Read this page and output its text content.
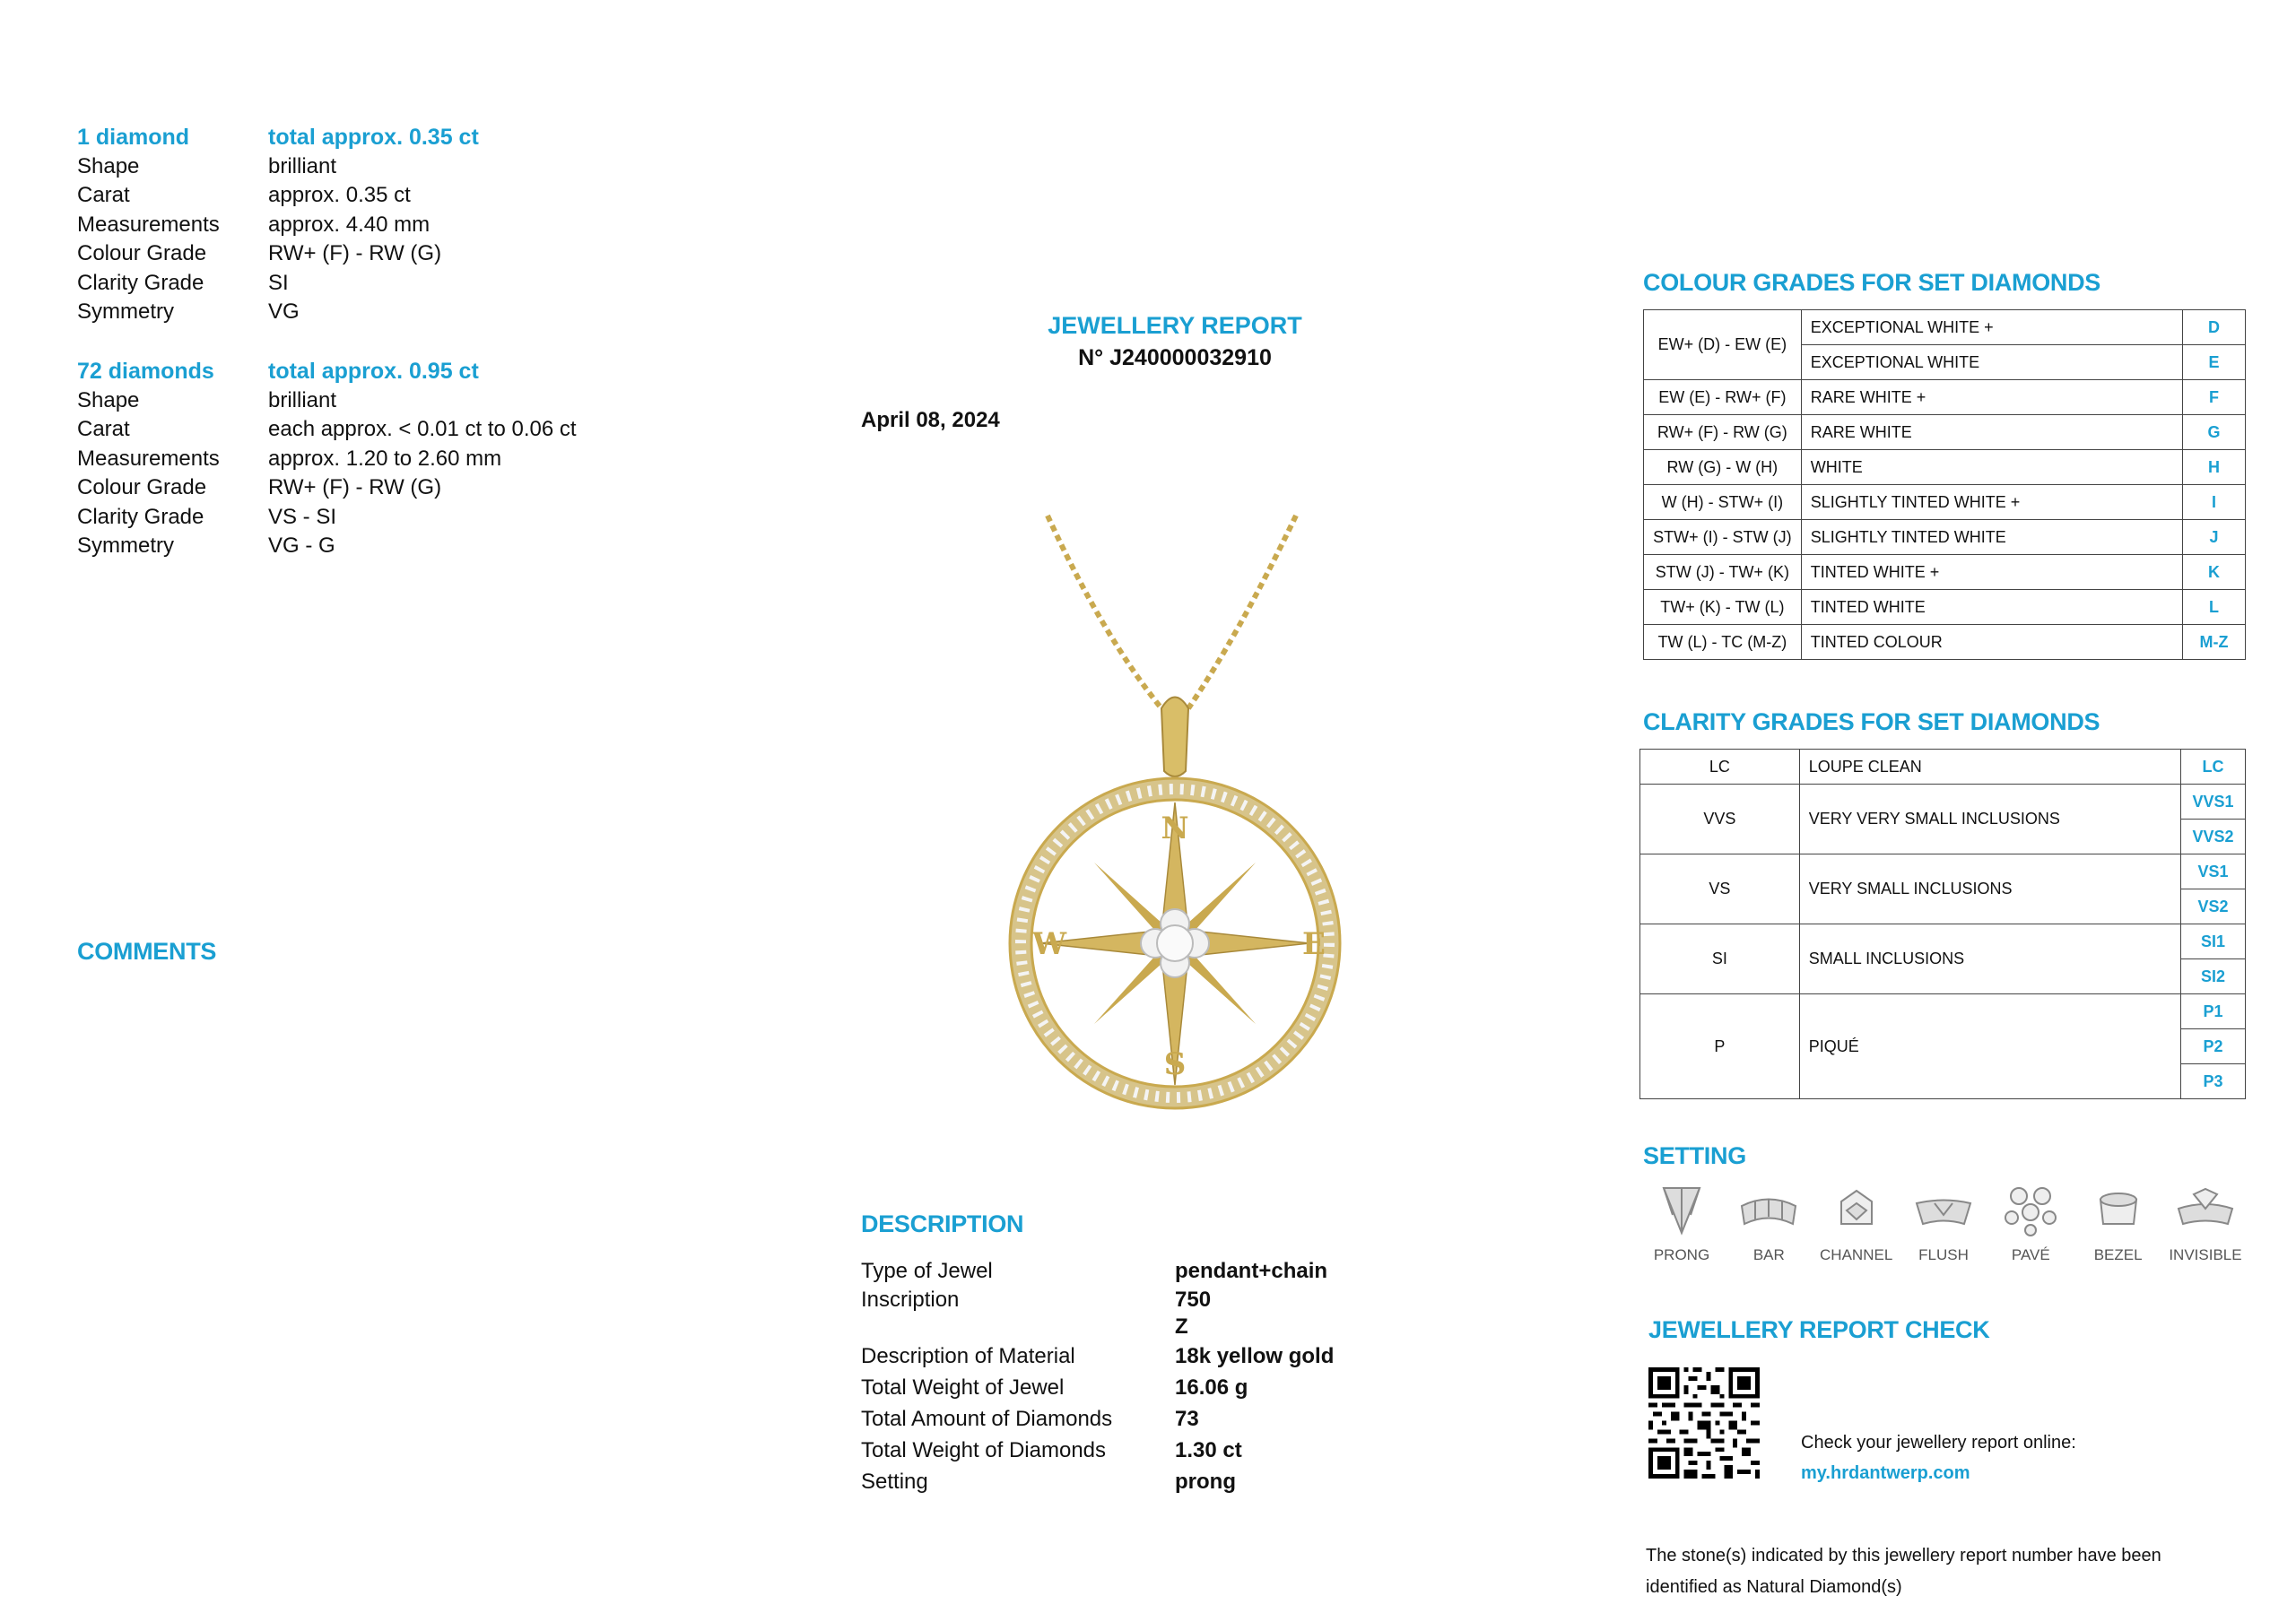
1 diamond	total approx. 0.35 ct
Shape	brilliant
Carat	approx. 0.35 ct
Measurements	approx. 4.40 mm
Colour Grade	RW+ (F) - RW (G)
Clarity Grade	SI
Symmetry	VG
72 diamonds	total approx. 0.95 ct
Shape	brilliant
Carat	each approx. < 0.01 ct to 0.06 ct
Measurements	approx. 1.20 to 2.60 mm
Colour Grade	RW+ (F) - RW (G)
Clarity Grade	VS - SI
Symmetry	VG - G
COMMENTS
JEWELLERY REPORT
N° J240000032910
April 08, 2024
N
E
S
W
DESCRIPTION
Type of Jewel	pendant+chain
Inscription	750
Z
Description of Material	18k yellow gold
Total Weight of Jewel	16.06 g
Total Amount of Diamonds	73
Total Weight of Diamonds	1.30 ct
Setting	prong
COLOUR GRADES FOR SET DIAMONDS
EW+ (D) - EW (E)	EXCEPTIONAL WHITE +	D
	EXCEPTIONAL WHITE	E
EW (E) - RW+ (F)	RARE WHITE +	F
RW+ (F) - RW (G)	RARE WHITE	G
RW (G) - W (H)	WHITE	H
W (H) - STW+ (I)	SLIGHTLY TINTED WHITE +	I
STW+ (I) - STW (J)	SLIGHTLY TINTED WHITE	J
STW (J) - TW+ (K)	TINTED WHITE +	K
TW+ (K) - TW (L)	TINTED WHITE	L
TW (L) - TC (M-Z)	TINTED COLOUR	M-Z
CLARITY GRADES FOR SET DIAMONDS
LC	LOUPE CLEAN	LC
VVS	VERY VERY SMALL INCLUSIONS	VVS1
		VVS2
VS	VERY SMALL INCLUSIONS	VS1
		VS2
SI	SMALL INCLUSIONS	SI1
		SI2
P	PIQUÉ	P1
		P2
		P3
SETTING
PRONG	BAR CHANNEL FLUSH	PAVÉ	BEZEL INVISIBLE
JEWELLERY REPORT CHECK
Check your jewellery report online:
my.hrdantwerp.com
The stone(s) indicated by this jewellery report number have been identified as Natural Diamond(s)
